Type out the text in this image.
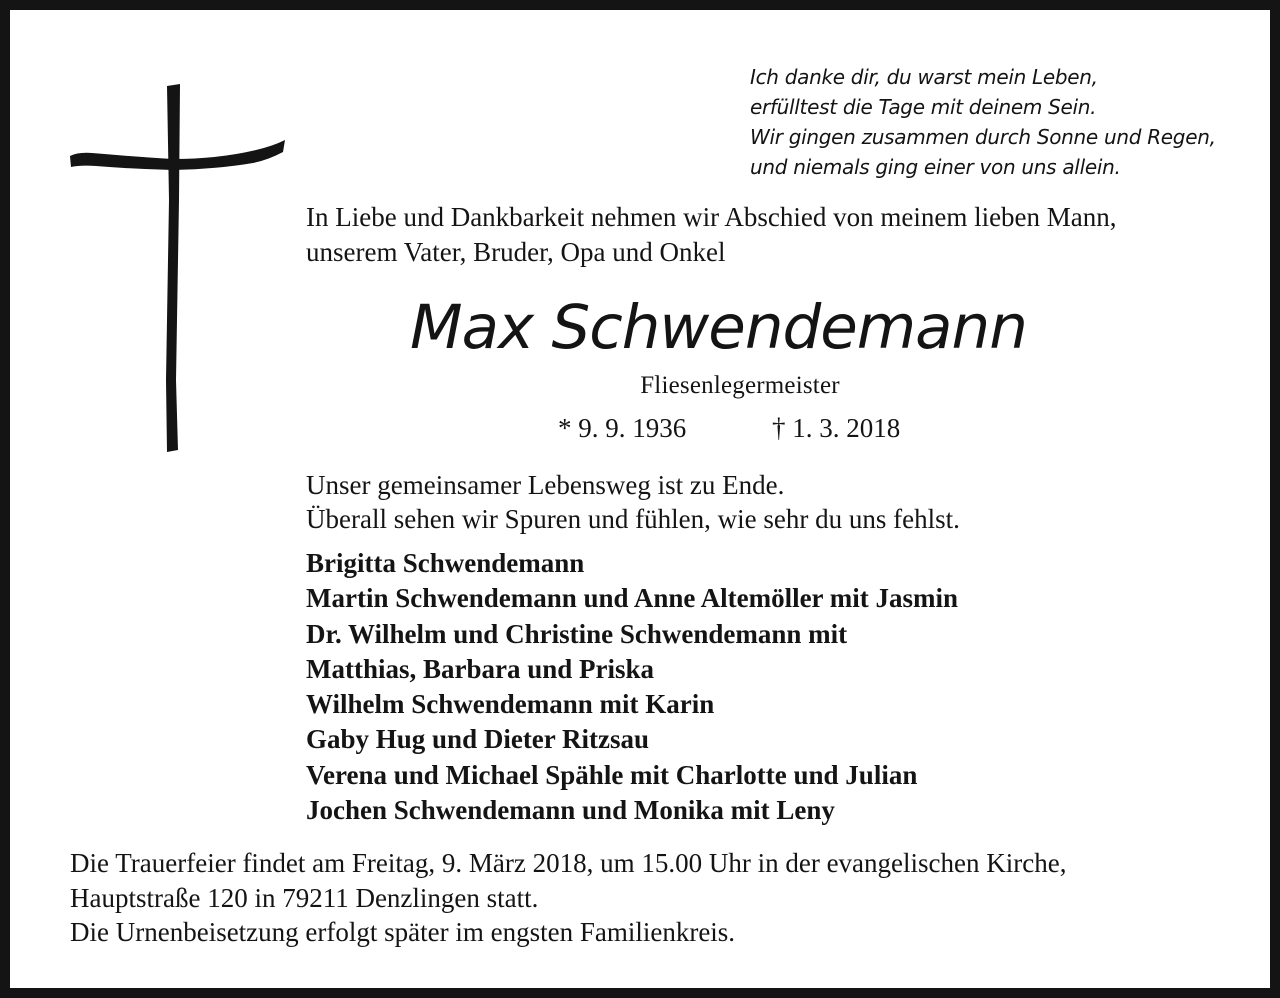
Ich danke dir, du warst mein Leben,
erfülltest die Tage mit deinem Sein.
Wir gingen zusammen durch Sonne und Regen,
und niemals ging einer von uns allein.
In Liebe und Dankbarkeit nehmen wir Abschied von meinem lieben Mann,
unserem Vater, Bruder, Opa und Onkel
Max Schwendemann
Fliesenlegermeister
* 9. 9. 1936	† 1. 3. 2018
Unser gemeinsamer Lebensweg ist zu Ende.
Überall sehen wir Spuren und fühlen, wie sehr du uns fehlst.
Brigitta Schwendemann
Martin Schwendemann und Anne Altemöller mit Jasmin
Dr. Wilhelm und Christine Schwendemann mit
Matthias, Barbara und Priska
Wilhelm Schwendemann mit Karin
Gaby Hug und Dieter Ritzsau
Verena und Michael Spähle mit Charlotte und Julian
Jochen Schwendemann und Monika mit Leny
Die Trauerfeier findet am Freitag, 9. März 2018, um 15.00 Uhr in der evangelischen Kirche,
Hauptstraße 120 in 79211 Denzlingen statt.
Die Urnenbeisetzung erfolgt später im engsten Familienkreis.
